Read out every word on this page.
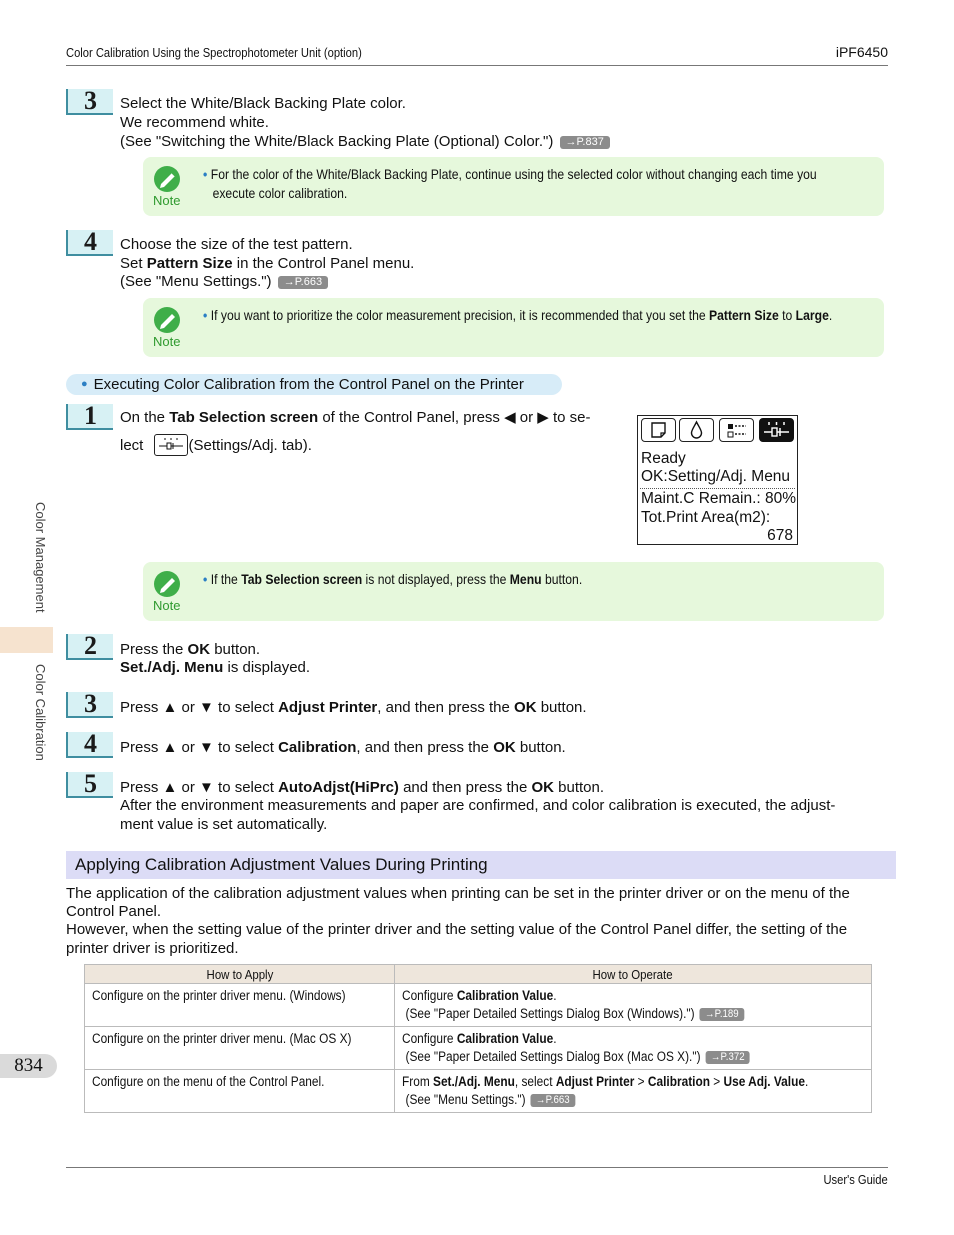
Color Calibration Using the Spectrophotometer Unit (option)	iPF6450
3	Select the White/Black Backing Plate color.
We recommend white.
(See "Switching the White/Black Backing Plate (Optional) Color.") →P.837
Note
• For the color of the White/Black Backing Plate, continue using the selected color without changing each time you
execute color calibration.
4	Choose the size of the test pattern.
Set Pattern Size in the Control Panel menu.
(See "Menu Settings.") →P.663
Note
• If you want to prioritize the color measurement precision, it is recommended that you set the Pattern Size to Large.
● Executing Color Calibration from the Control Panel on the Printer
1	On the Tab Selection screen of the Control Panel, press ◀ or ▶ to se-
lect	(Settings/Adj. tab).
Ready
OK:Setting/Adj. Menu
Maint.C Remain.: 80%
Tot.Print Area(m2):
678
Note
• If the Tab Selection screen is not displayed, press the Menu button.
2	Press the OK button.
Set./Adj. Menu is displayed.
3	Press ▲ or ▼ to select Adjust Printer, and then press the OK button.
4	Press ▲ or ▼ to select Calibration, and then press the OK button.
5	Press ▲ or ▼ to select AutoAdjst(HiPrc) and then press the OK button.
After the environment measurements and paper are confirmed, and color calibration is executed, the adjust-
ment value is set automatically.
Applying Calibration Adjustment Values During Printing
The application of the calibration adjustment values when printing can be set in the printer driver or on the menu of the
Control Panel.
However, when the setting value of the printer driver and the setting value of the Control Panel differ, the setting of the
printer driver is prioritized.
How to Apply	How to Operate
Configure on the printer driver menu. (Windows)	Configure Calibration Value.
(See "Paper Detailed Settings Dialog Box (Windows).") →P.189
Configure on the printer driver menu. (Mac OS X)	Configure Calibration Value.
(See "Paper Detailed Settings Dialog Box (Mac OS X).") →P.372
Configure on the menu of the Control Panel.	From Set./Adj. Menu, select Adjust Printer > Calibration > Use Adj. Value.
(See "Menu Settings.") →P.663
Color Management
Color Calibration
834
User's Guide
